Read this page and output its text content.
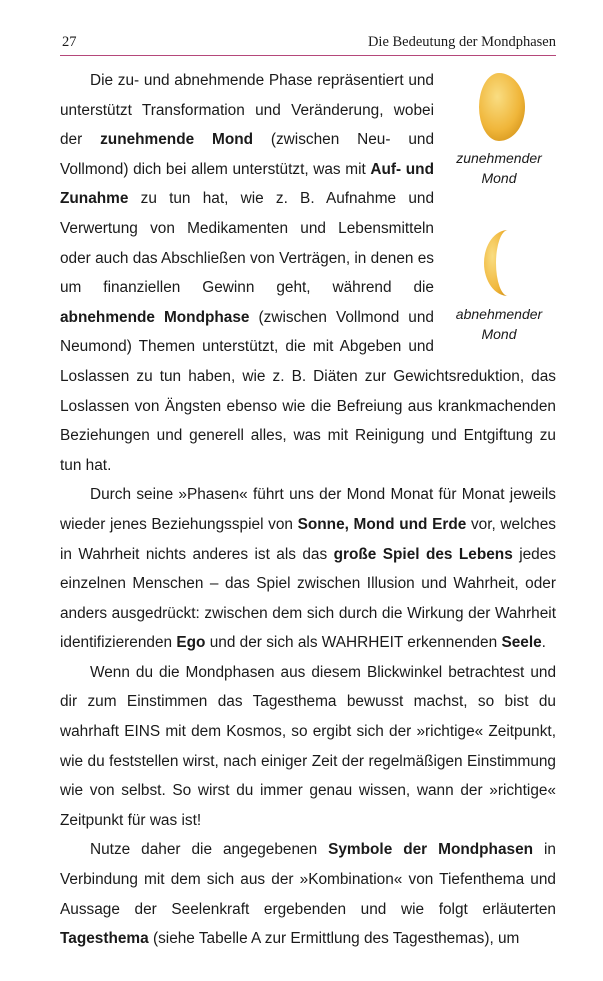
27	Die Bedeutung der Mondphasen
zunehmender
Mond
abnehmender
Mond

Die zu- und abnehmende Phase repräsentiert und unterstützt Transformation und Veränderung, wobei der zunehmende Mond (zwischen Neu- und Vollmond) dich bei allem unterstützt, was mit Auf- und Zunahme zu tun hat, wie z. B. Aufnahme und Verwertung von Medikamenten und Lebensmitteln oder auch das Abschließen von Verträgen, in denen es um finanziellen Gewinn geht, während die abnehmende Mondphase (zwischen Vollmond und Neumond) Themen unterstützt, die mit Abgeben und Loslassen zu tun haben, wie z. B. Diäten zur Gewichtsreduktion, das Loslassen von Ängsten ebenso wie die Befreiung aus krankmachenden Beziehungen und generell alles, was mit Reinigung und Entgiftung zu tun hat.

Durch seine »Phasen« führt uns der Mond Monat für Monat jeweils wieder jenes Beziehungsspiel von Sonne, Mond und Erde vor, welches in Wahrheit nichts anderes ist als das große Spiel des Lebens jedes einzelnen Menschen – das Spiel zwischen Illusion und Wahrheit, oder anders ausgedrückt: zwischen dem sich durch die Wirkung der Wahrheit identifizierenden Ego und der sich als WAHRHEIT erkennenden Seele.

Wenn du die Mondphasen aus diesem Blickwinkel betrachtest und dir zum Einstimmen das Tagesthema bewusst machst, so bist du wahrhaft EINS mit dem Kosmos, so ergibt sich der »richtige« Zeitpunkt, wie du feststellen wirst, nach einiger Zeit der regelmäßigen Einstimmung wie von selbst. So wirst du immer genau wissen, wann der »richtige« Zeitpunkt für was ist!

Nutze daher die angegebenen Symbole der Mondphasen in Verbindung mit dem sich aus der »Kombination« von Tiefenthema und Aussage der Seelenkraft ergebenden und wie folgt erläuterten Tagesthema (siehe Tabelle A zur Ermittlung des Tagesthemas), um
